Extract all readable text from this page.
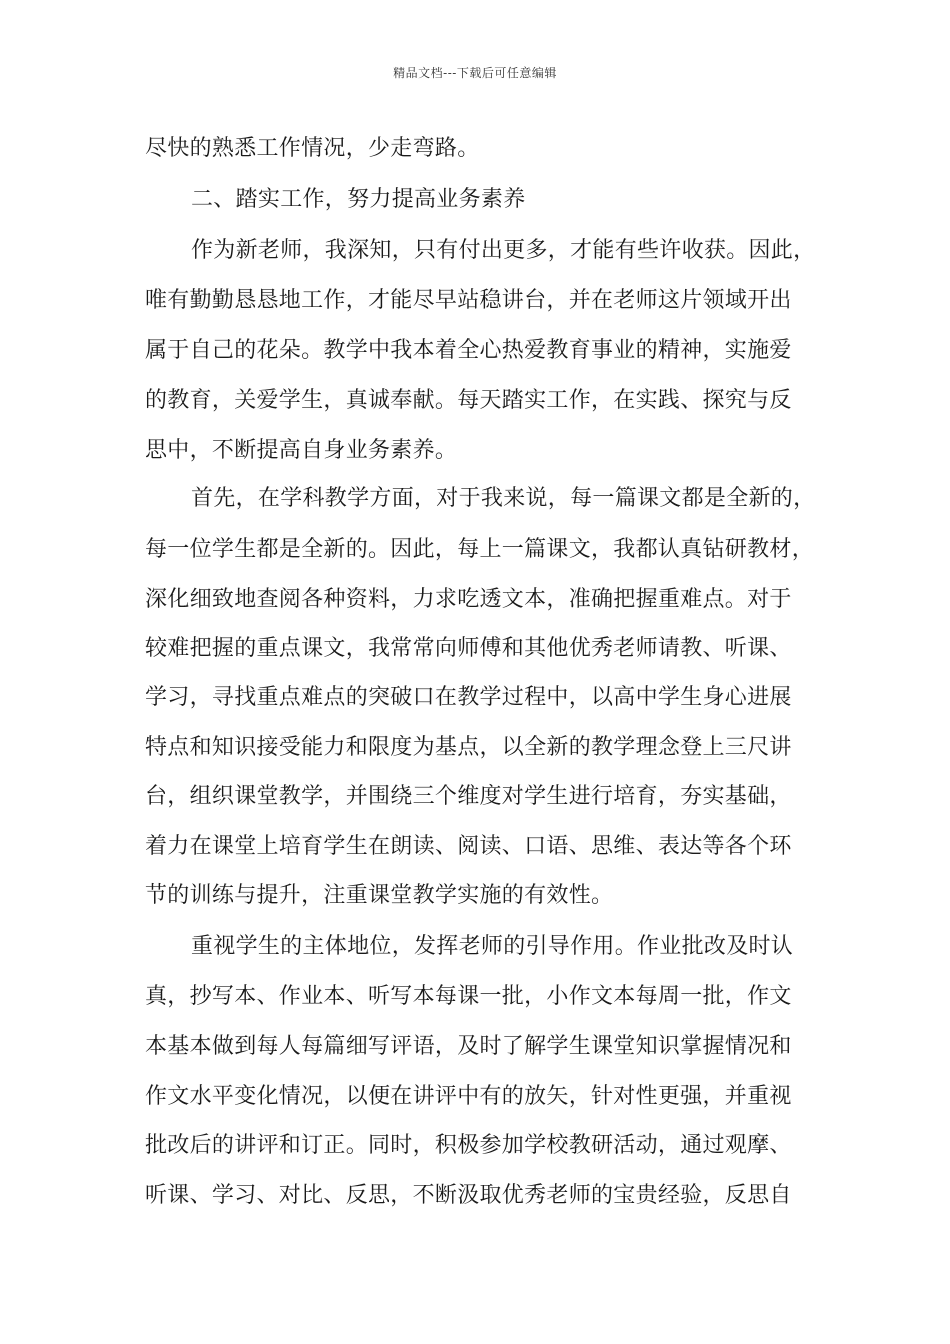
精品文档---下载后可任意编辑
尽快的熟悉工作情况，少走弯路。
二、踏实工作，努力提高业务素养
作为新老师，我深知，只有付出更多，才能有些许收获。因此，
唯有勤勤恳恳地工作，才能尽早站稳讲台，并在老师这片领域开出
属于自己的花朵。教学中我本着全心热爱教育事业的精神，实施爱
的教育，关爱学生，真诚奉献。每天踏实工作，在实践、探究与反
思中，不断提高自身业务素养。
首先，在学科教学方面，对于我来说，每一篇课文都是全新的，
每一位学生都是全新的。因此，每上一篇课文，我都认真钻研教材，
深化细致地查阅各种资料，力求吃透文本，准确把握重难点。对于
较难把握的重点课文，我常常向师傅和其他优秀老师请教、听课、
学习，寻找重点难点的突破口在教学过程中，以高中学生身心进展
特点和知识接受能力和限度为基点，以全新的教学理念登上三尺讲
台，组织课堂教学，并围绕三个维度对学生进行培育，夯实基础，
着力在课堂上培育学生在朗读、阅读、口语、思维、表达等各个环
节的训练与提升，注重课堂教学实施的有效性。
重视学生的主体地位，发挥老师的引导作用。作业批改及时认
真，抄写本、作业本、听写本每课一批，小作文本每周一批，作文
本基本做到每人每篇细写评语，及时了解学生课堂知识掌握情况和
作文水平变化情况，以便在讲评中有的放矢，针对性更强，并重视
批改后的讲评和订正。同时，积极参加学校教研活动，通过观摩、
听课、学习、对比、反思，不断汲取优秀老师的宝贵经验，反思自
